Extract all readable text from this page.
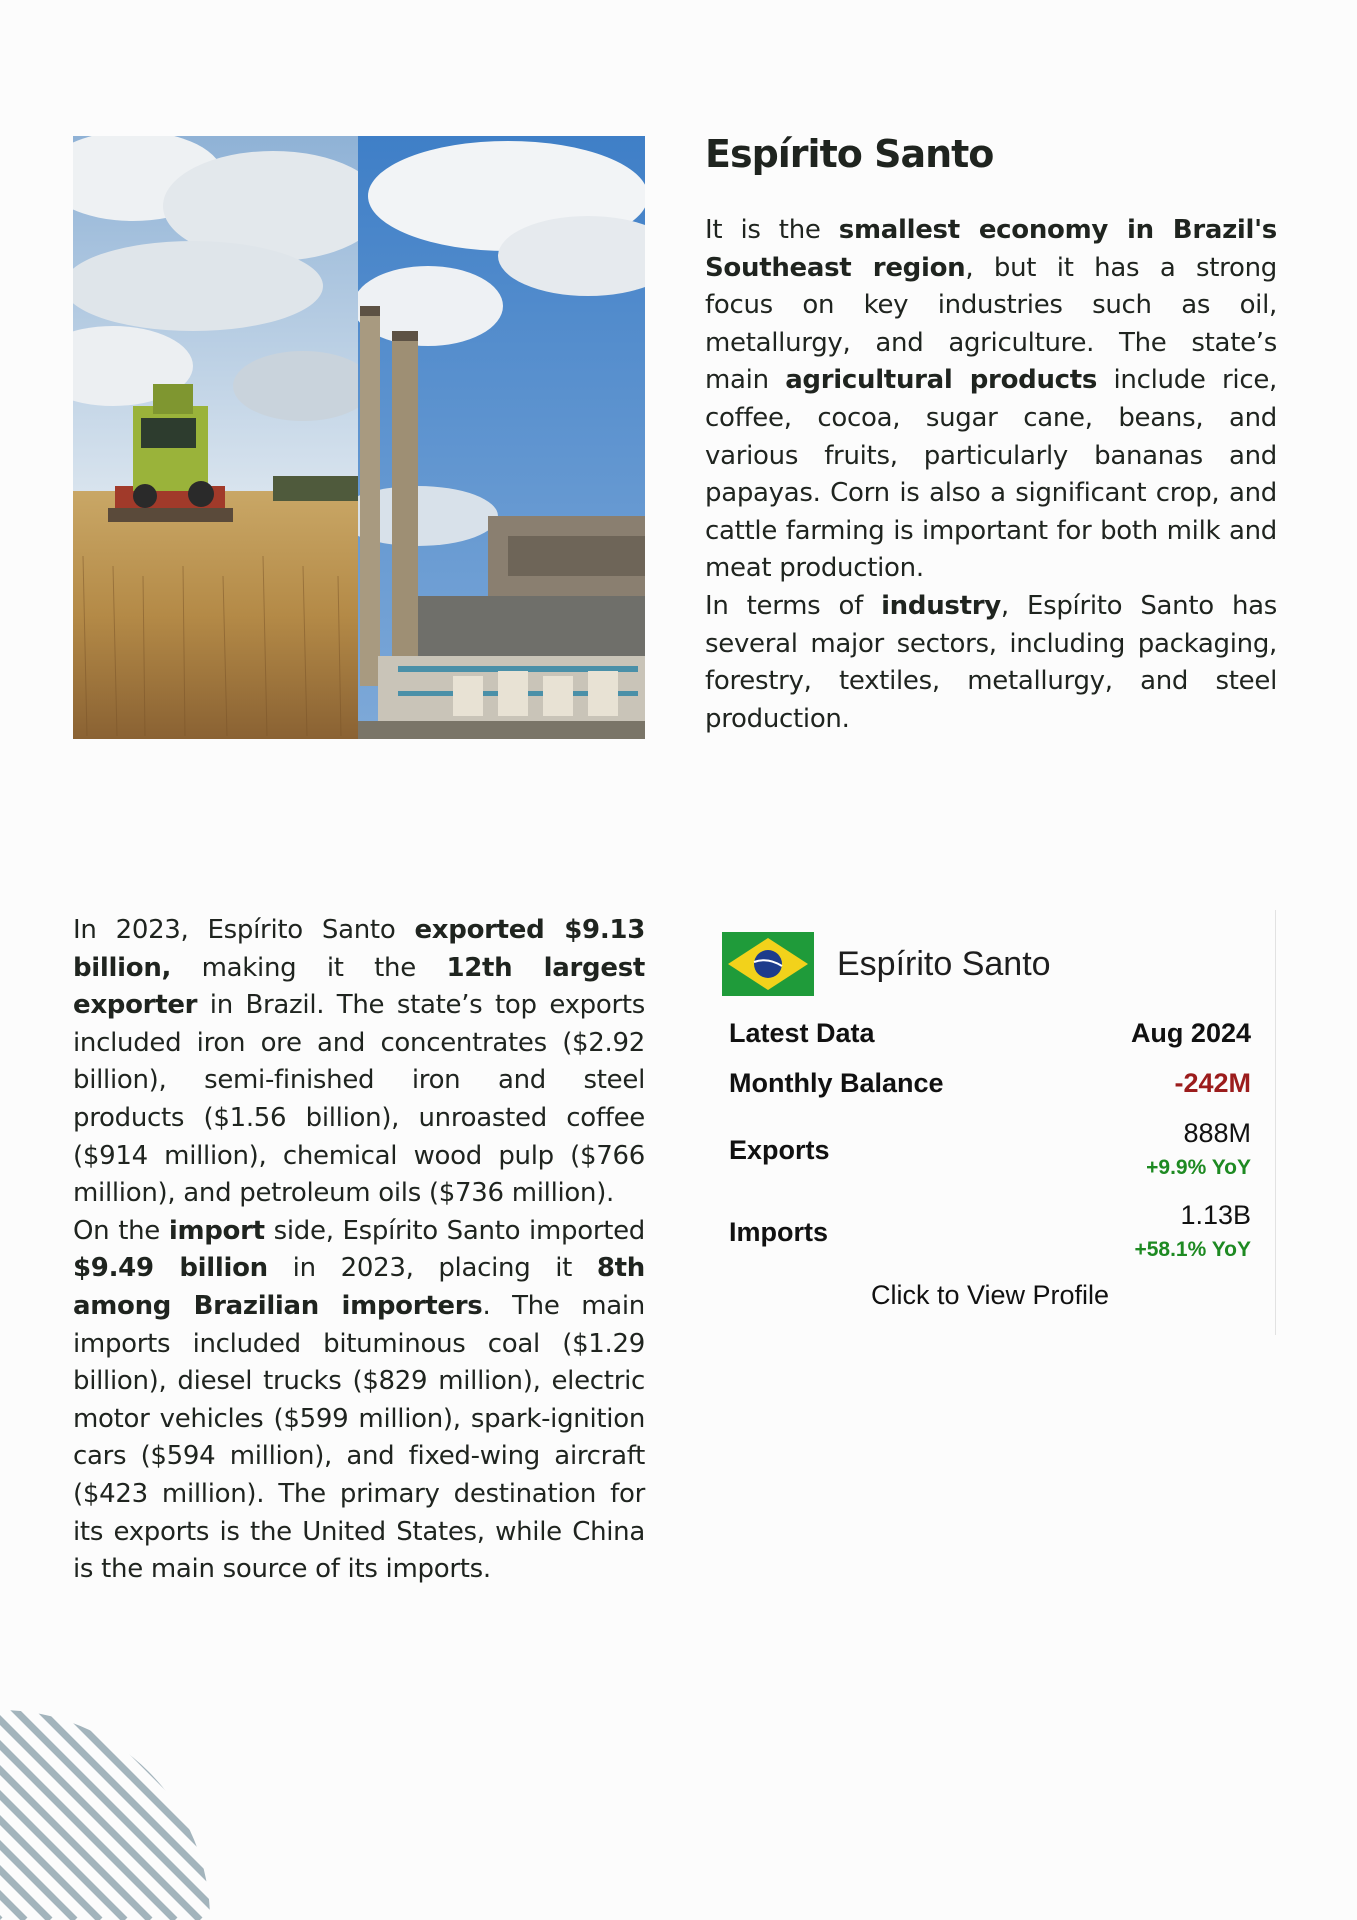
Espírito Santo

It is the smallest economy in Brazil's Southeast region, but it has a strong focus on key industries such as oil, metallurgy, and agriculture. The state’s main agricultural products include rice, coffee, cocoa, sugar cane, beans, and various fruits, particularly bananas and papayas. Corn is also a significant crop, and cattle farming is important for both milk and meat production.

In terms of industry, Espírito Santo has several major sectors, including packaging, forestry, textiles, metallurgy, and steel production.

In 2023, Espírito Santo exported $9.13 billion, making it the 12th largest exporter in Brazil. The state’s top exports included iron ore and concentrates ($2.92 billion), semi-finished iron and steel products ($1.56 billion), unroasted coffee ($914 million), chemical wood pulp ($766 million), and petroleum oils ($736 million).

On the import side, Espírito Santo imported $9.49 billion in 2023, placing it 8th among Brazilian importers. The main imports included bituminous coal ($1.29 billion), diesel trucks ($829 million), electric motor vehicles ($599 million), spark-ignition cars ($594 million), and fixed-wing aircraft ($423 million). The primary destination for its exports is the United States, while China is the main source of its imports.

Espírito Santo
Latest Data	Aug 2024
Monthly Balance	-242M
Exports
888M
+9.9% YoY
Imports
1.13B
+58.1% YoY
Click to View Profile
